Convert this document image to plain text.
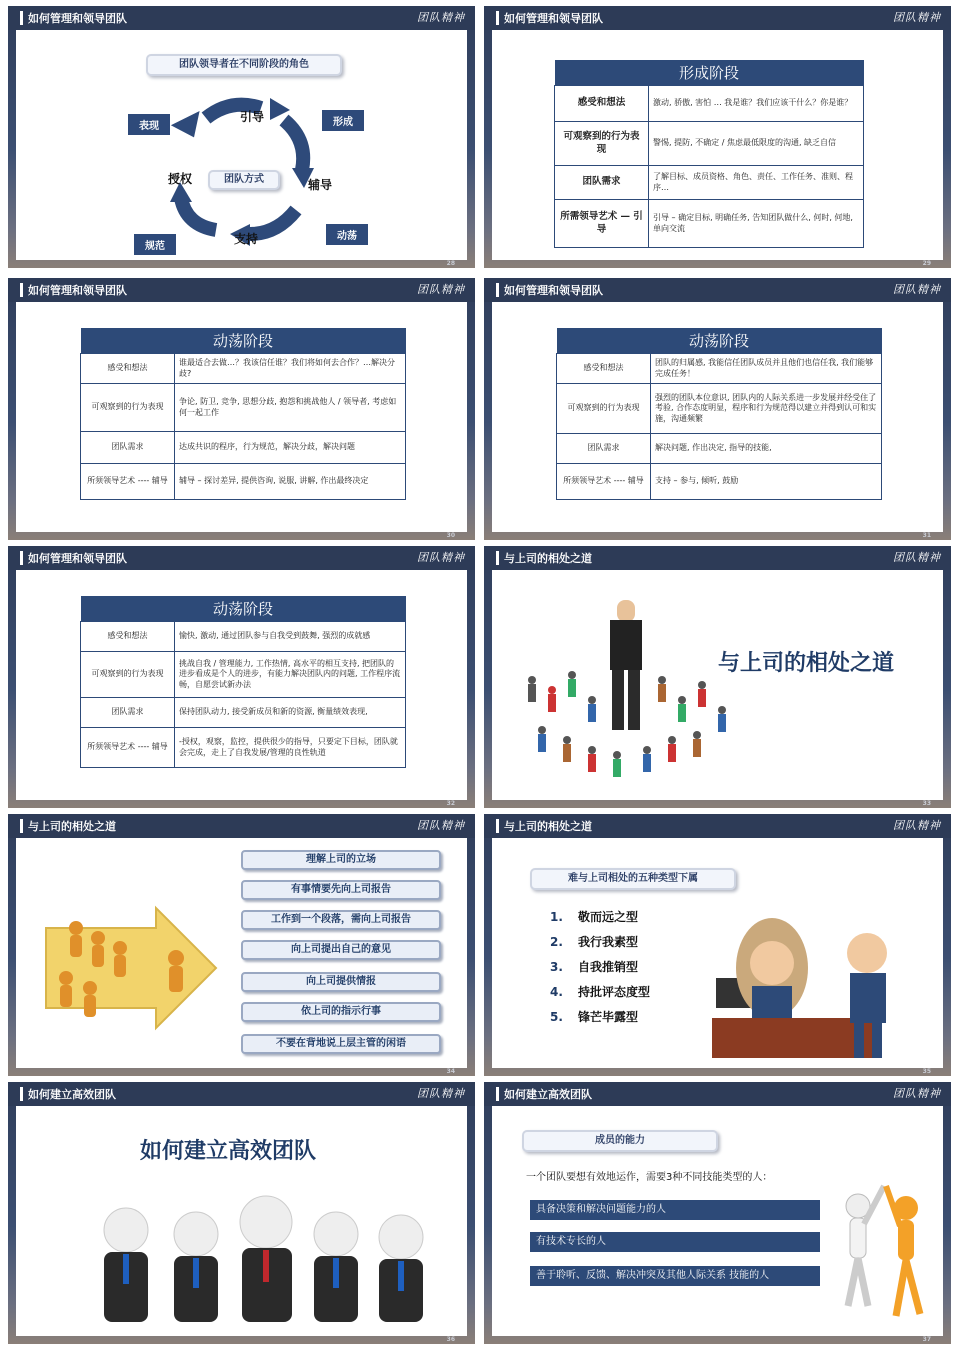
如何管理和领导团队	团队精神
团队领导者在不同阶段的角色
引导
辅导
支持
授权	团队方式
表现	形成
动荡
规范
28
如何管理和领导团队	团队精神
形成阶段	
感受和想法	激动, 骄傲, 害怕 … 我是谁？我们应该干什么？你是谁？
可观察到的行为表现	警惕, 提防, 不确定 / 焦虑最低限度的沟通, 缺乏自信
团队需求	了解目标、成员资格、角色、责任、工作任务、准则、程序…
所需领导艺术 — 引导	引导 – 确定目标, 明确任务, 告知团队做什么, 何时, 何地, 单向交流
29
如何管理和领导团队	团队精神
动荡阶段	
感受和想法	谁最适合去做…？我该信任谁？我们将如何去合作？…解决分歧?
可观察到的行为表现	争论, 防卫, 竞争, 思想分歧, 抱怨和挑战他人 / 领导者, 考虑如何一起工作
团队需求	达成共识的程序，行为规范，解决分歧，解决问题
所须领导艺术 ---- 辅导	辅导 – 探讨差异, 提供咨询, 说服, 讲解, 作出最终决定
30
如何管理和领导团队	团队精神
动荡阶段	
感受和想法	团队的归属感, 我能信任团队成员并且他们也信任我, 我们能够完成任务！
可观察到的行为表现	强烈的团队本位意识, 团队内的人际关系进一步发展并经受住了考验, 合作态度明显，程序和行为规范得以建立并得到认可和实施，沟通频繁
团队需求	解决问题, 作出决定, 指导的技能,
所须领导艺术 ---- 辅导	支持 – 参与, 倾听, 鼓励
31
如何管理和领导团队	团队精神
动荡阶段	
感受和想法	愉快, 激动, 通过团队参与自我受到鼓舞, 强烈的成就感
可观察到的行为表现	挑战自我 / 管理能力, 工作热情, 高水平的相互支持, 把团队的进步看成是个人的进步，有能力解决团队内的问题, 工作程序流畅，自愿尝试新办法
团队需求	保持团队动力, 接受新成员和新的资源, 衡量绩效表现,
所须领导艺术 ---- 辅导	-授权，观察，监控，提供很少的指导，只要定下目标，团队就会完成，走上了自我发展/管理的良性轨道
32
与上司的相处之道	团队精神
与上司的相处之道
33
与上司的相处之道	团队精神
理解上司的立场
有事情要先向上司报告
工作到一个段落，需向上司报告
向上司提出自己的意见
向上司提供情报
依上司的指示行事
不要在背地说上层主管的闲语
34
与上司的相处之道	团队精神
难与上司相处的五种类型下属
1. 敬而远之型
2. 我行我素型
3. 自我推销型
4. 持批评态度型
5. 锋芒毕露型
35
如何建立高效团队	团队精神
如何建立高效团队
36
如何建立高效团队	团队精神
成员的能力
一个团队要想有效地运作，需要3种不同技能类型的人：
具备决策和解决问题能力的人
有技术专长的人
善于聆听、反馈、解决冲突及其他人际关系 技能的人
37
